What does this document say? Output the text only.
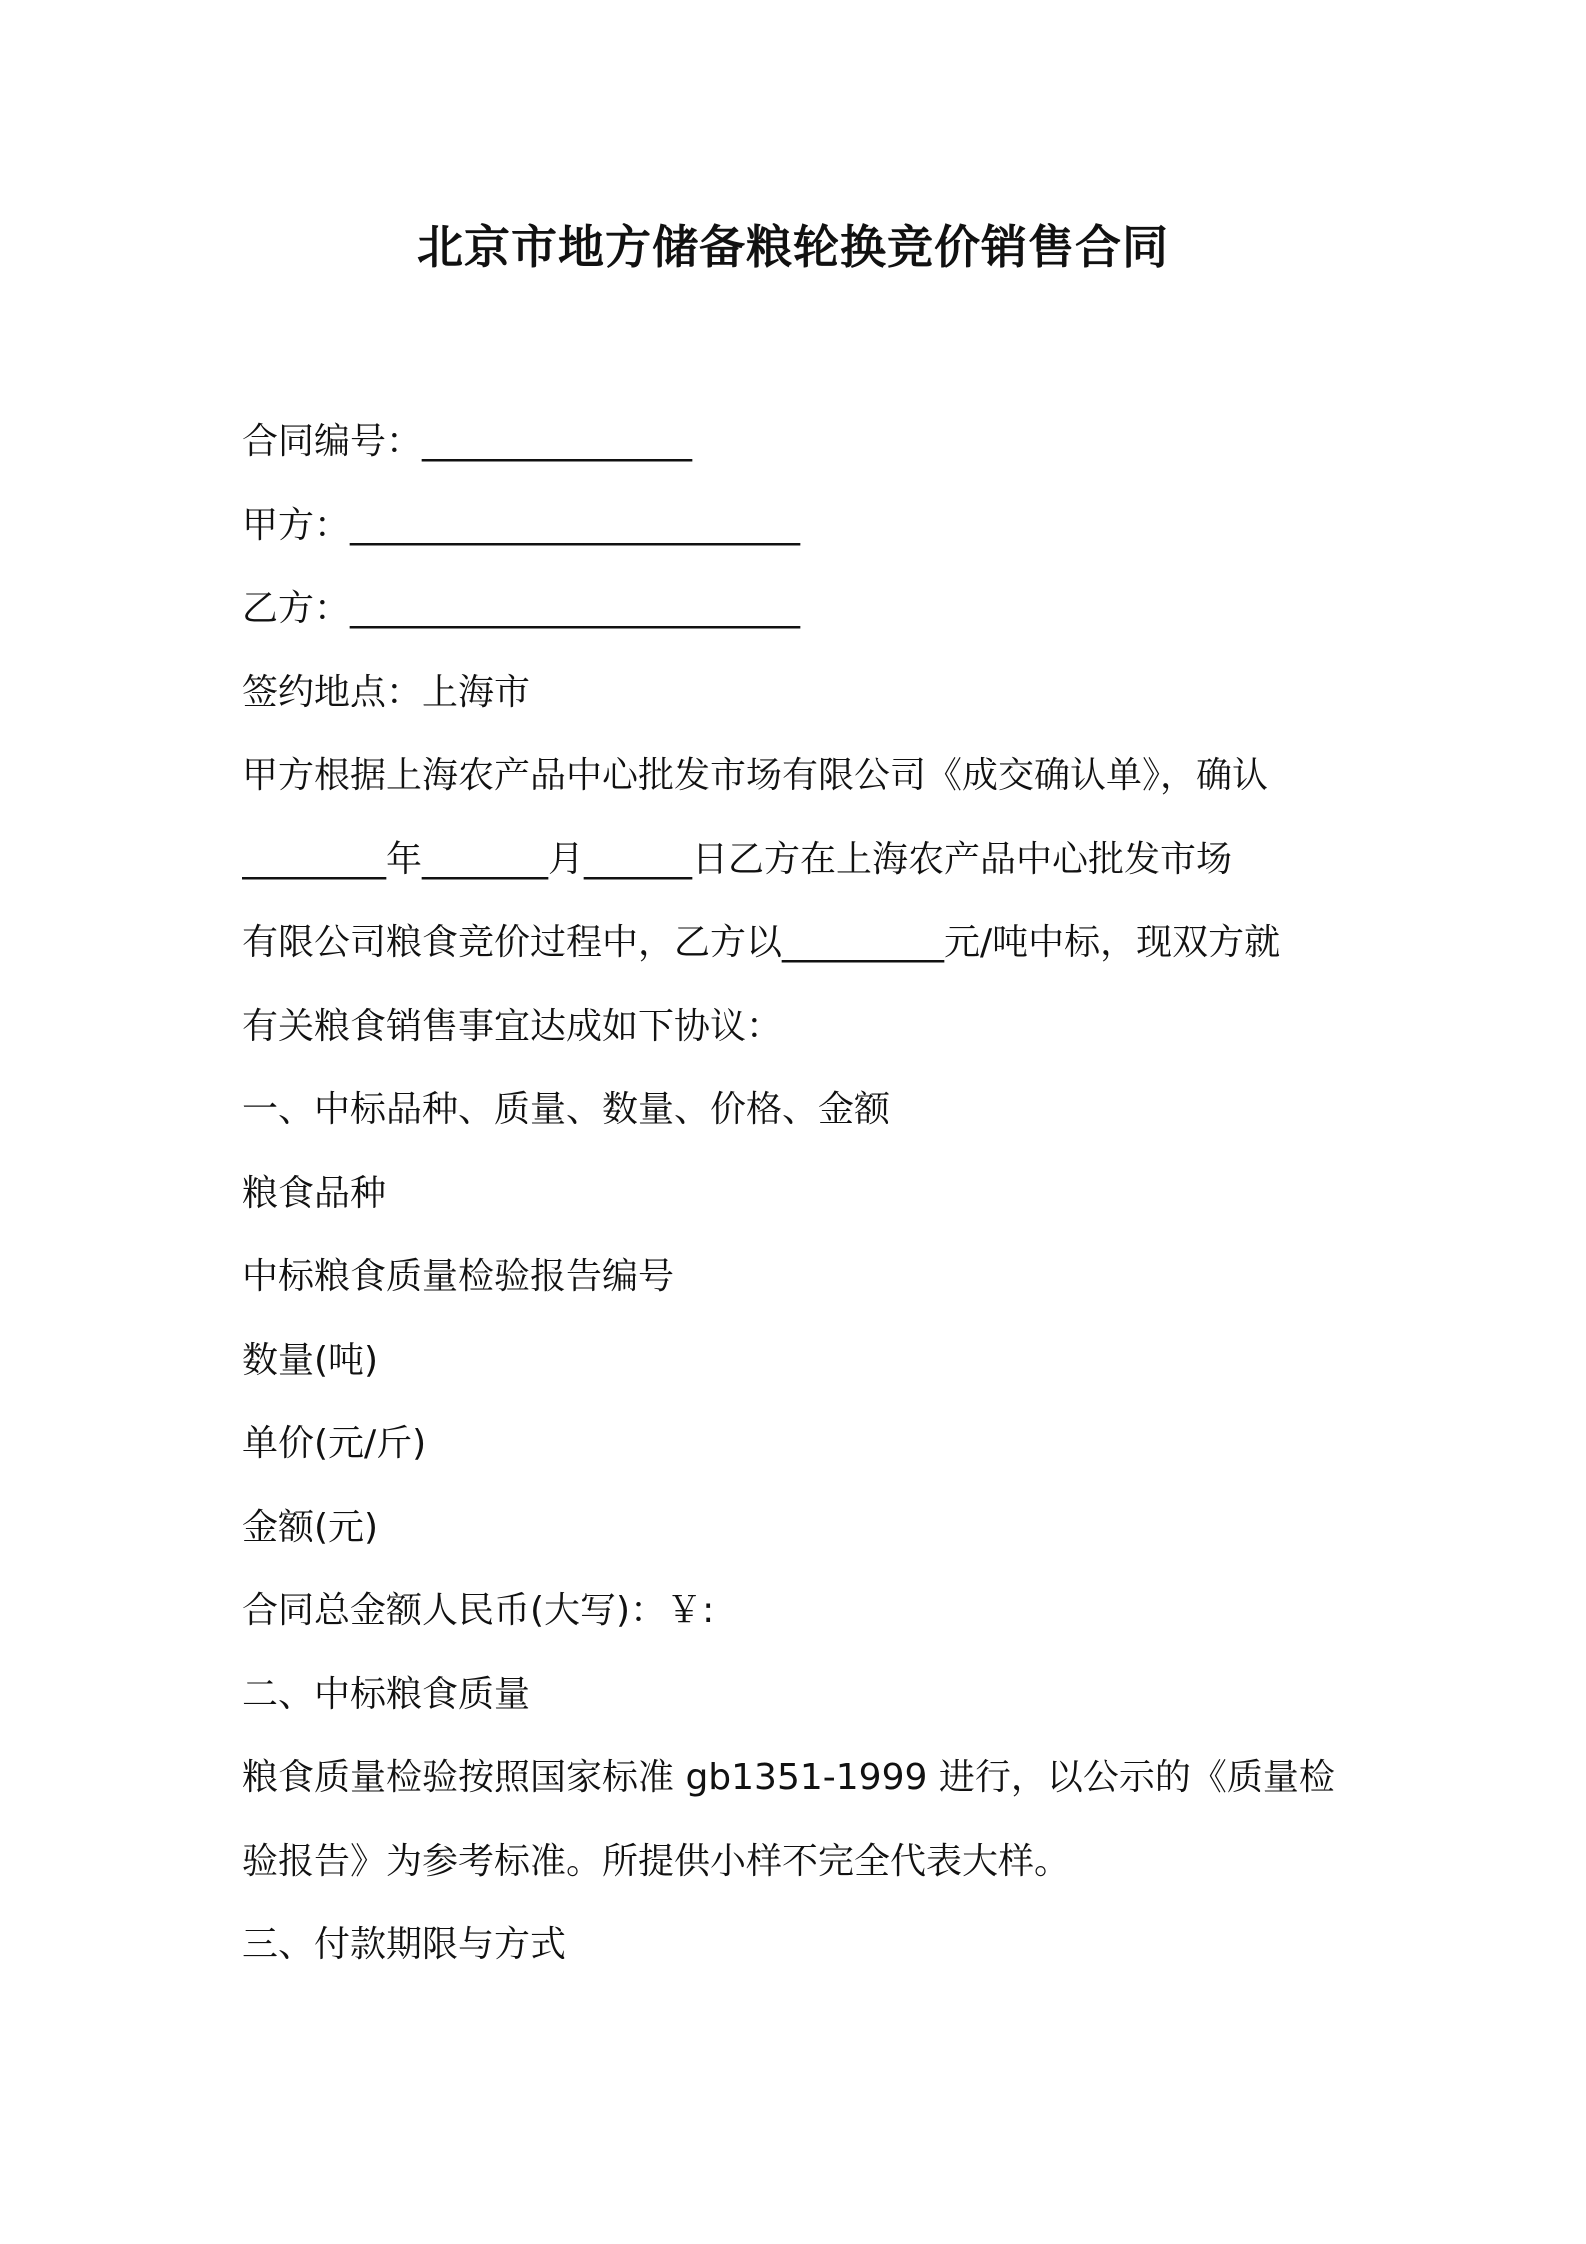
北京市地方储备粮轮换竞价销售合同

合同编号：_______________

甲方：_________________________

乙方：_________________________

签约地点：上海市

甲方根据上海农产品中心批发市场有限公司《成交确认单》，确认

________年_______月______日乙方在上海农产品中心批发市场

有限公司粮食竞价过程中，乙方以_________元/吨中标，现双方就

有关粮食销售事宜达成如下协议：

一、中标品种、质量、数量、价格、金额

粮食品种

中标粮食质量检验报告编号

数量(吨)

单价(元/斤)

金额(元)

合同总金额人民币(大写)：￥:

二、中标粮食质量

粮食质量检验按照国家标准 gb1351-1999 进行，以公示的《质量检

验报告》为参考标准。所提供小样不完全代表大样。

三、付款期限与方式
